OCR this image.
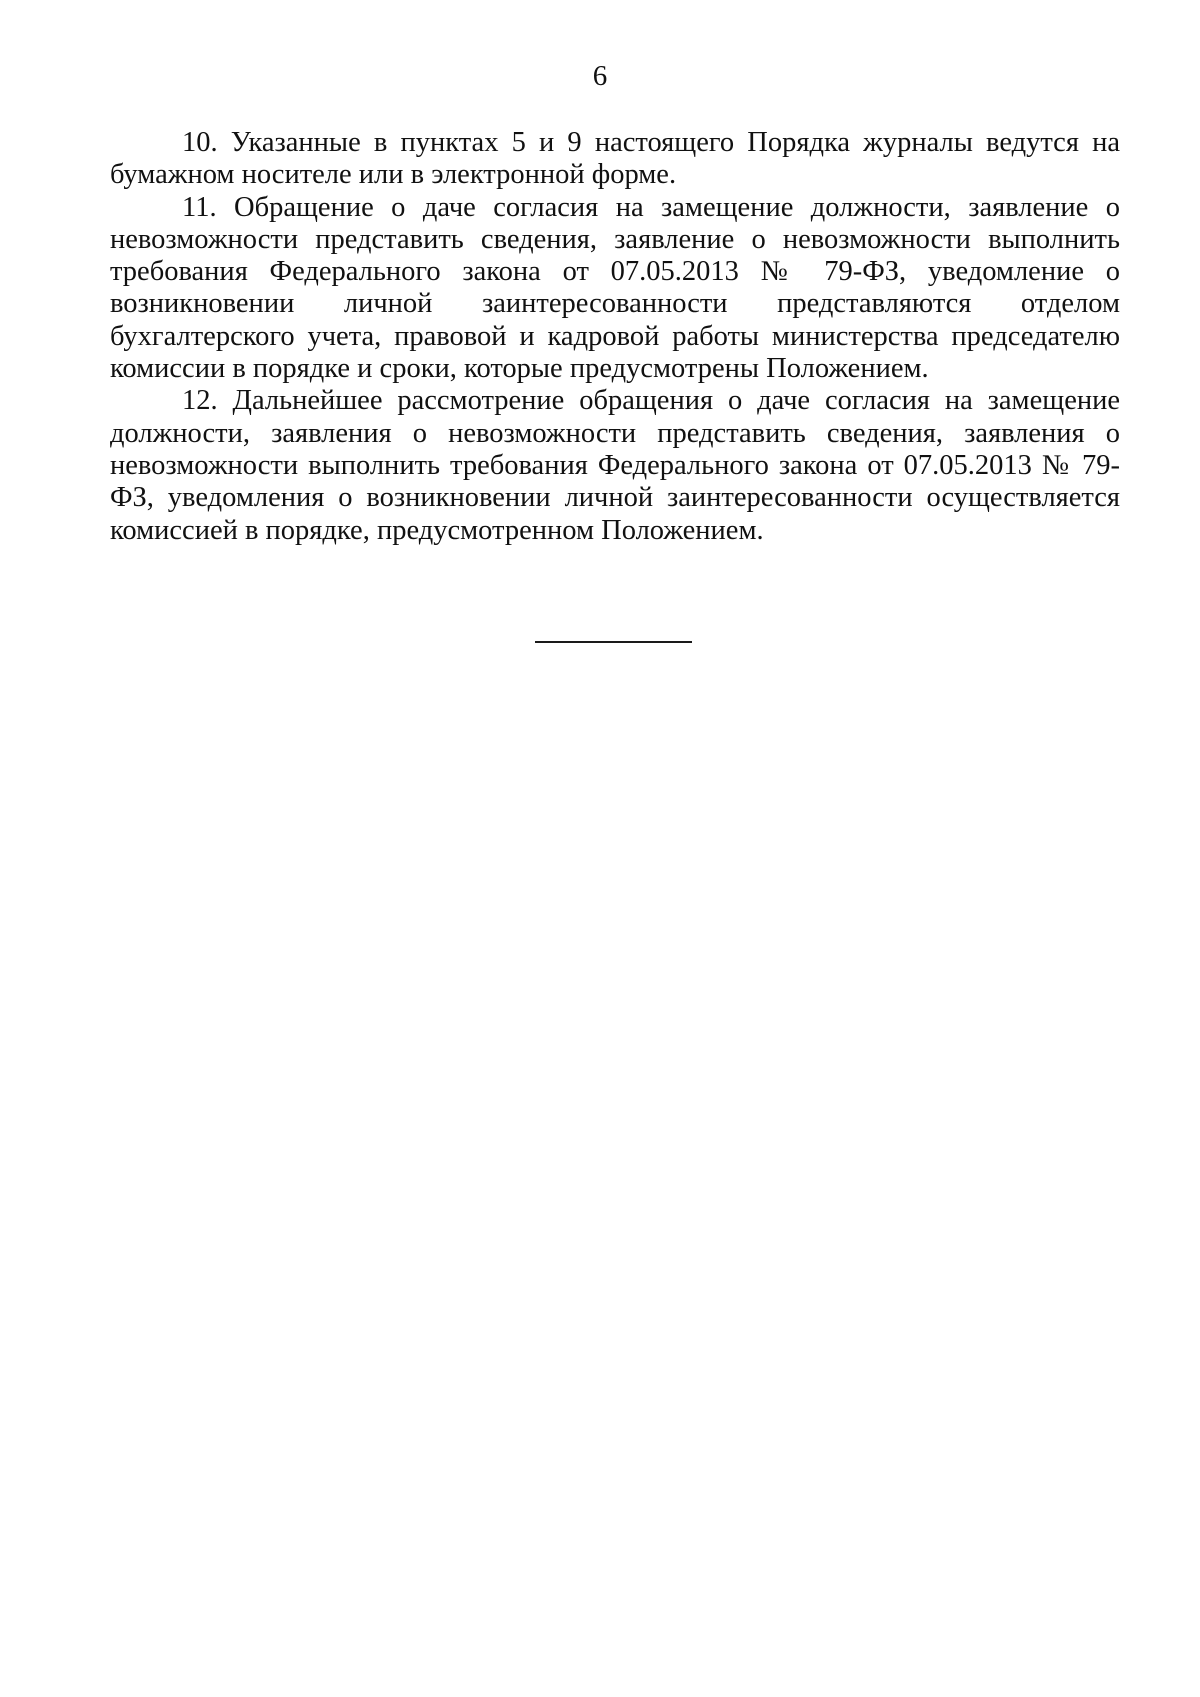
6

10. Указанные в пунктах 5 и 9 настоящего Порядка журналы ведутся на бумажном носителе или в электронной форме.

11. Обращение о даче согласия на замещение должности, заявление о невозможности представить сведения, заявление о невозможности выполнить требования Федерального закона от 07.05.2013 № 79-ФЗ, уведомление о возникновении личной заинтересованности представляются отделом бухгалтерского учета, правовой и кадровой работы министерства председателю комиссии в порядке и сроки, которые предусмотрены Положением.

12. Дальнейшее рассмотрение обращения о даче согласия на замещение должности, заявления о невозможности представить сведения, заявления о невозможности выполнить требования Федерального закона от 07.05.2013 № 79-ФЗ, уведомления о возникновении личной заинтересованности осуществляется комиссией в порядке, предусмотренном Положением.
